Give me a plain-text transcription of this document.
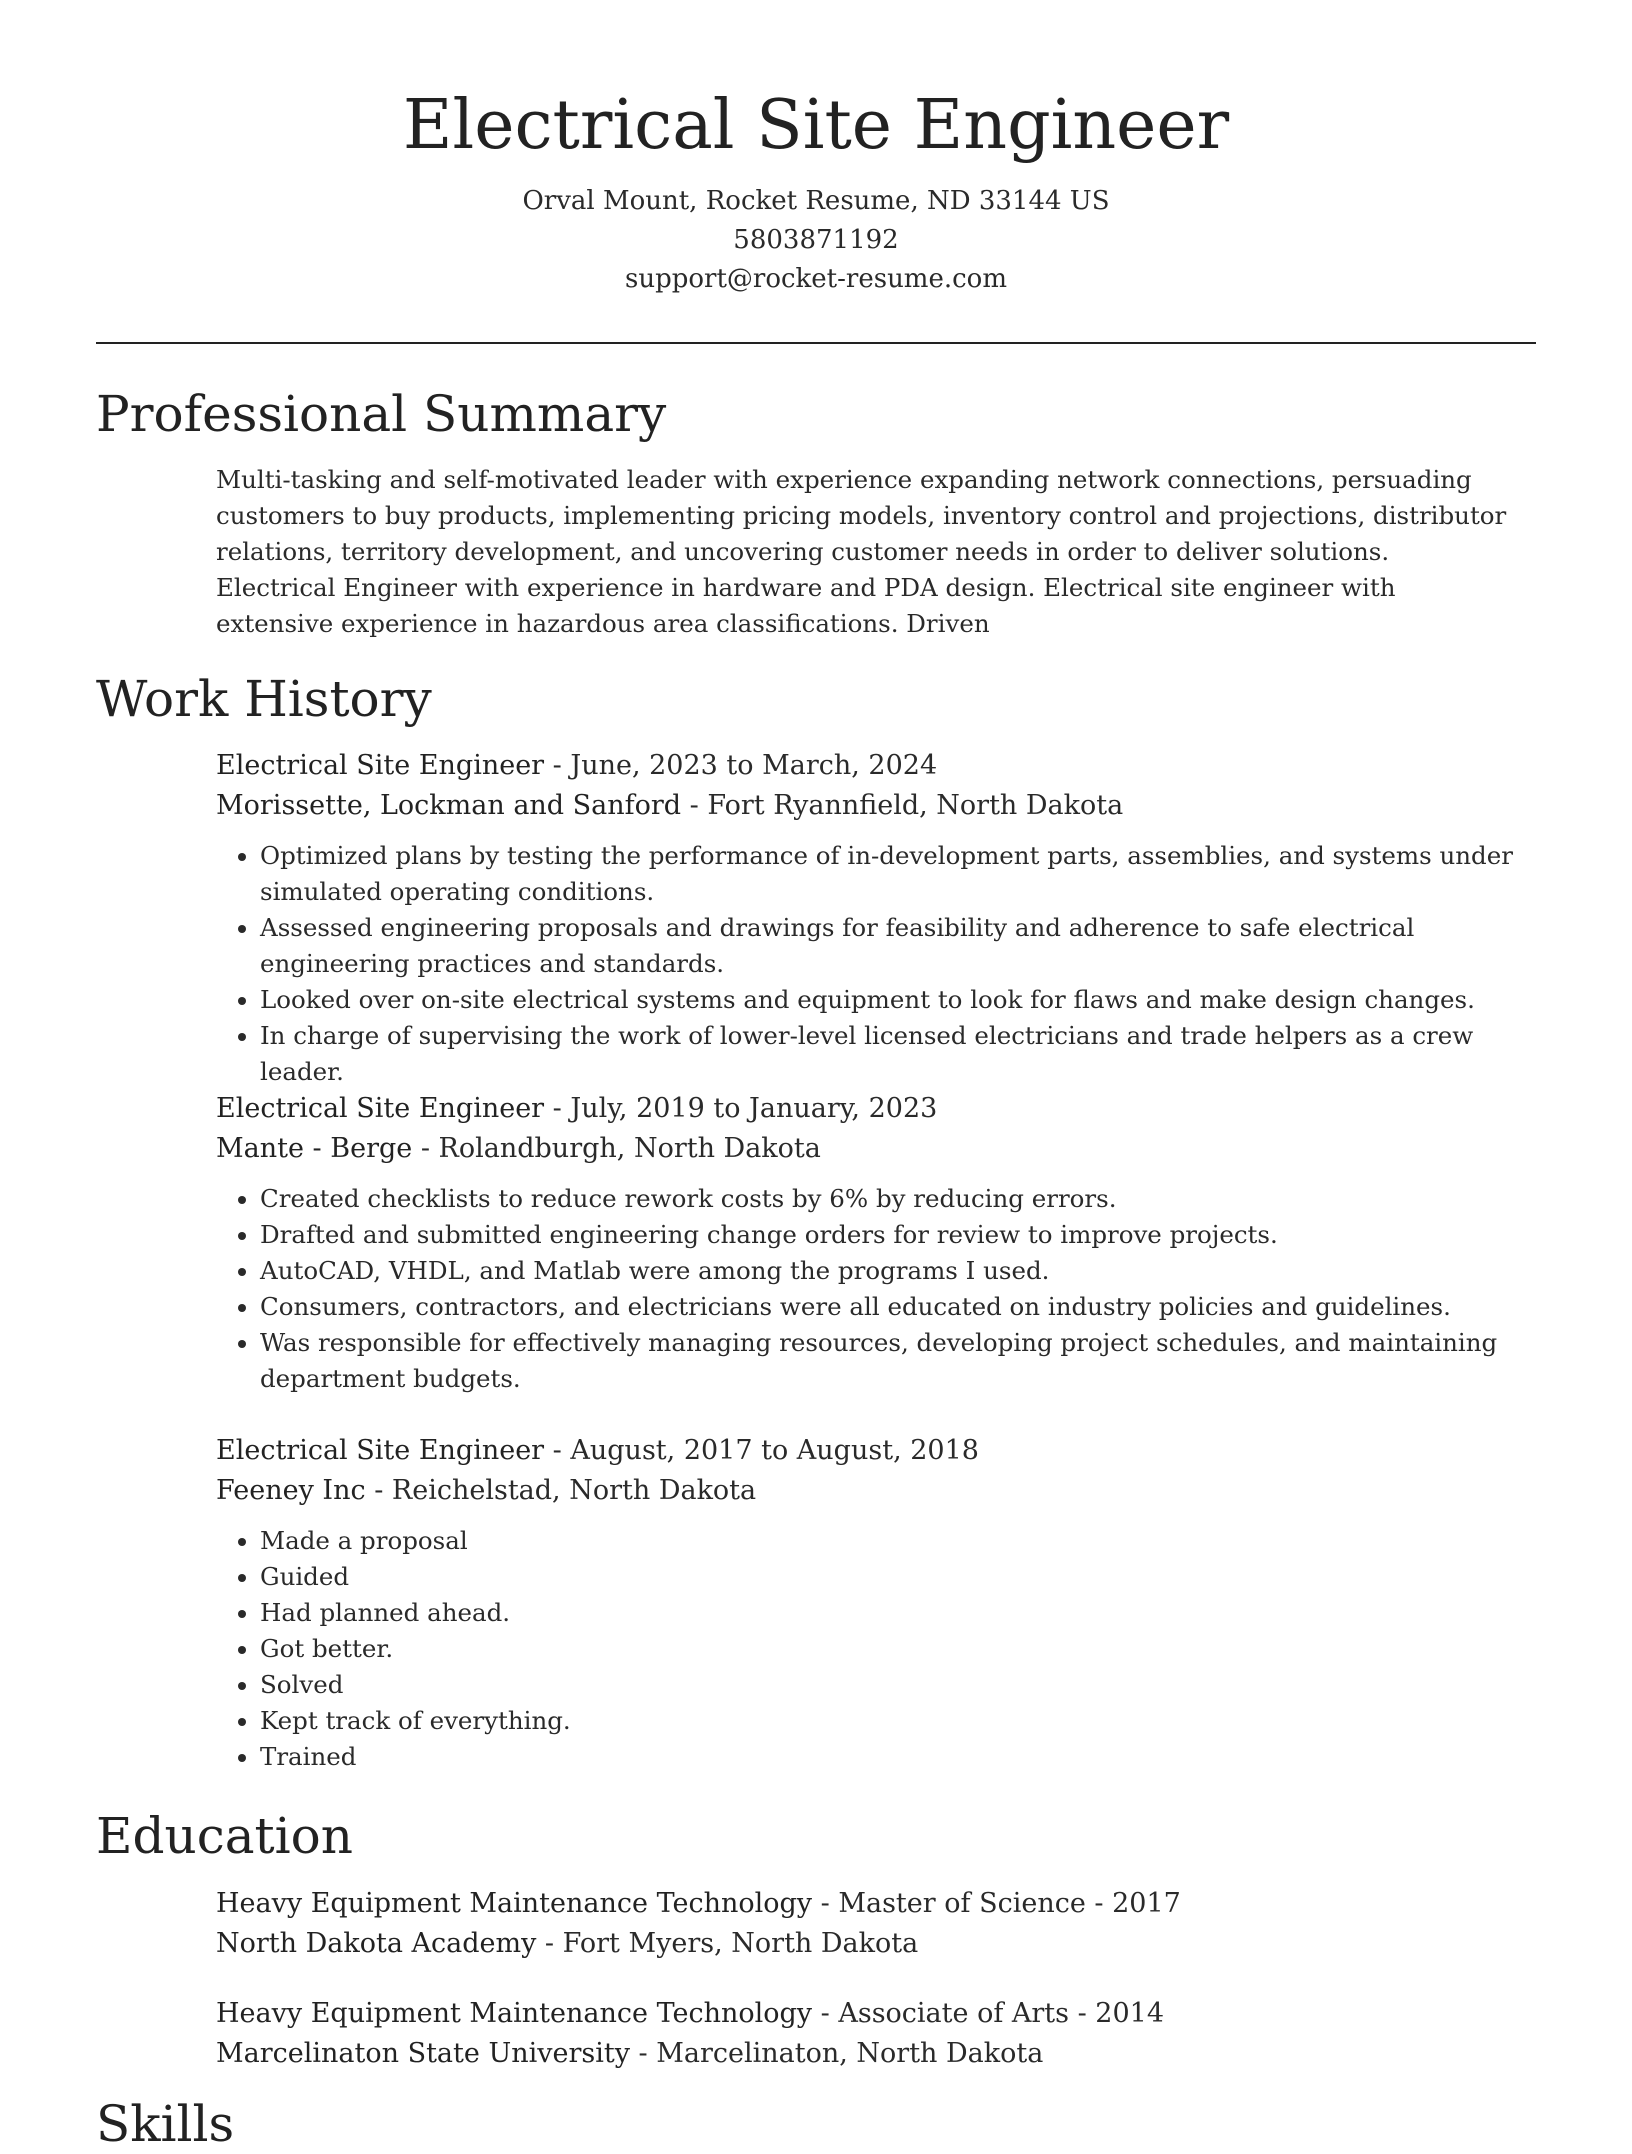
Electrical Site Engineer
Orval Mount, Rocket Resume, ND 33144 US
5803871192
support@rocket-resume.com
Professional Summary
Multi-tasking and self-motivated leader with experience expanding network connections, persuading customers to buy products, implementing pricing models, inventory control and projections, distributor relations, territory development, and uncovering customer needs in order to deliver solutions. Electrical Engineer with experience in hardware and PDA design. Electrical site engineer with extensive experience in hazardous area classifications. Driven
Work History
Electrical Site Engineer - June, 2023 to March, 2024
Morissette, Lockman and Sanford - Fort Ryannfield, North Dakota
• Optimized plans by testing the performance of in-development parts, assemblies, and systems under simulated operating conditions.
• Assessed engineering proposals and drawings for feasibility and adherence to safe electrical engineering practices and standards.
• Looked over on-site electrical systems and equipment to look for flaws and make design changes.
• In charge of supervising the work of lower-level licensed electricians and trade helpers as a crew leader.
Electrical Site Engineer - July, 2019 to January, 2023
Mante - Berge - Rolandburgh, North Dakota
• Created checklists to reduce rework costs by 6% by reducing errors.
• Drafted and submitted engineering change orders for review to improve projects.
• AutoCAD, VHDL, and Matlab were among the programs I used.
• Consumers, contractors, and electricians were all educated on industry policies and guidelines.
• Was responsible for effectively managing resources, developing project schedules, and maintaining department budgets.
Electrical Site Engineer - August, 2017 to August, 2018
Feeney Inc - Reichelstad, North Dakota
• Made a proposal
• Guided
• Had planned ahead.
• Got better.
• Solved
• Kept track of everything.
• Trained
Education
Heavy Equipment Maintenance Technology - Master of Science - 2017
North Dakota Academy - Fort Myers, North Dakota
Heavy Equipment Maintenance Technology - Associate of Arts - 2014
Marcelinaton State University - Marcelinaton, North Dakota
Skills
